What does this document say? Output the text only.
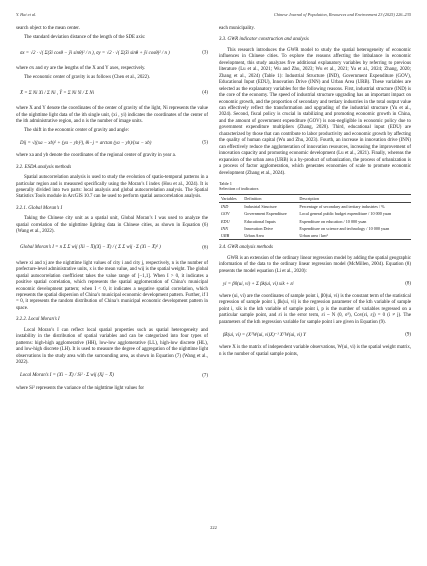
Y. Hai et al.	Chinese Journal of Population, Resources and Environment 23 (2025) 226–235

search object to the mean center.

The standard deviation distance of the length of the SDE axis:

σx = √2 · √( Σ(x̃i cosθ − ỹi sinθ)² / n ), σy = √2 · √( Σ(x̃i sinθ + ỹi cosθ)² / n )	(3)

where σx and σy are the lengths of the X and Y axes, respectively.

The economic center of gravity is as follows (Chen et al., 2022).

X̄ = Σ Ni Xi / Σ Ni , Ȳ = Σ Ni Yi / Σ Ni	(4)

where X and Y denote the coordinates of the center of gravity of the light, Ni represents the value of the nighttime light data of the ith single unit, (xi , yi) indicates the coordinates of the center of the ith administrative region, and n is the number of image units.

The shift in the economic center of gravity and angle:

Dij = √((xa − xb)² + (ya − yb)²), θi−j = arctan (ya − yb)/(xa − xb)	(5)

where xa and yb denote the coordinates of the regional center of gravity in year a.

3.2. ESDA analysis methods

Spatial autocorrelation analysis is used to study the evolution of spatio-temporal patterns in a particular region and is measured specifically using the Moran’s I index (Hou et al., 2024). It is generally divided into two parts: local analysis and global autocorrelation analysis. The Spatial Statistics Tools module in ArcGIS 10.7 can be used to perform spatial autocorrelation analysis.

3.2.1. Global Moran’s I

Taking the Chinese city unit as a spatial unit, Global Moran’s I was used to analyze the spatial correlation of the nighttime lighting data in Chinese cities, as shown in Equation (6) (Wang et al., 2022).

Global Moran’s I = n Σ Σ wij (Xi − X̄)(Xj − X̄) / ( Σ Σ wij · Σ (Xi − X̄)² )	(6)

where xi and xj are the nighttime light values of city i and city j, respectively, n is the number of prefecture-level administrative units, x is the mean value, and wij is the spatial weight. The global spatial autocorrelation coefficient takes the value range of [−1,1]. When I > 0, it indicates a positive spatial correlation, which represents the spatial agglomeration of China’s municipal economic development pattern; when I < 0, it indicates a negative spatial correlation, which represents the spatial dispersion of China’s municipal economic development pattern. Further, if I = 0, it represents the random distribution of China’s municipal economic development pattern in space.

3.2.2. Local Moran’s I

Local Moran’s I can reflect local spatial properties such as spatial heterogeneity and instability in the distribution of spatial variables and can be categorized into four types of patterns: high-high agglomerative (HH), low-low agglomerative (LL), high-low discrete (HL), and low-high discrete (LH). It is used to measure the degree of aggregation of the nighttime light observations in the study area with the surrounding area, as shown in Equation (7) (Wang et al., 2022).

Local Moran’s I = (Xi − X̄) / Si² · Σ wij (Xj − X̄)	(7)

where Si² represents the variance of the nighttime light values for

each municipality.

3.3. GWR indicator construction and analysis

This research introduces the GWR model to study the spatial heterogeneity of economic influences in Chinese cities. To explore the reasons affecting the imbalance in economic development, this study analyzes five additional explanatory variables by referring to previous literature (Lu et al., 2021; Wu and Zhu, 2023; Wu et al., 2021; Yu et al., 2024; Zhang, 2020; Zhang et al., 2024) (Table 1): Industrial Structure (IND), Government Expenditure (GOV), Educational Input (EDU), Innovation Drive (INN) and Urban Area (URB). These variables are selected as the explanatory variables for the following reasons. First, industrial structure (IND) is the core of the economy. The speed of industrial structure upgrading has an important impact on economic growth, and the proportion of secondary and tertiary industries in the total output value can effectively reflect the transformation and upgrading of the industrial structure (Yu et al., 2024). Second, fiscal policy is crucial in stabilizing and promoting economic growth in China, and the amount of government expenditure (GOV) is non-negligible in economic policy due to government expenditure multipliers (Zhang, 2020). Third, educational input (EDU) are characterized by those that can contribute to labor productivity and economic growth by affecting the quality of human capital (Wu and Zhu, 2023). Fourth, an increase in innovation drive (INN) can effectively reduce the agglomeration of innovation resources, increasing the improvement of innovation capacity and promoting economic development (Lu et al., 2021). Finally, whereas the expansion of the urban area (URB) is a by-product of urbanization, the process of urbanization is a process of factor agglomeration, which generates economies of scale to promote economic development (Zhang et al., 2024).

Table 1
Selection of indicators
Variables	Definition	Description
IND	Industrial Structure	Percentage of secondary and tertiary industries / %
GOV	Government Expenditure	Local general public budget expenditure / 10 000 yuan
EDU	Educational Inputs	Expenditure on education / 10 000 yuan
INN	Innovation Drive	Expenditure on science and technology / 10 000 yuan
URB	Urban Area	Urban area / km²
3.4. GWR analysis methods

GWR is an extension of the ordinary linear regression model by adding the spatial geographic information of the data to the ordinary linear regression model (McMillen, 2004). Equation (8) presents the model equation (Li et al., 2020):

yi = β0(ui, vi) + Σ βk(ui, vi) xik + εi	(8)

where (ui, vi) are the coordinates of sample point i, β0(ui, vi) is the constant term of the statistical regression of sample point i, βk(ui, vi) is the regression parameter of the kth variable of sample point i, xik is the kth variable of sample point i, p is the number of variables regressed on a particular sample point, and εi is the error term, εi ~ N (0, σ²), Cov(εi, εj) = 0 (i ≠ j). The parameters of the kth regression variable for sample point i are given in Equation (9).

β̂k(ui, vi) = (XᵀW(ui, vi)X)⁻¹ XᵀW(ui, vi) Y	(9)

where X is the matrix of independent variable observations, W(ui, vi) is the spatial weight matrix, n is the number of spatial sample points,

222
